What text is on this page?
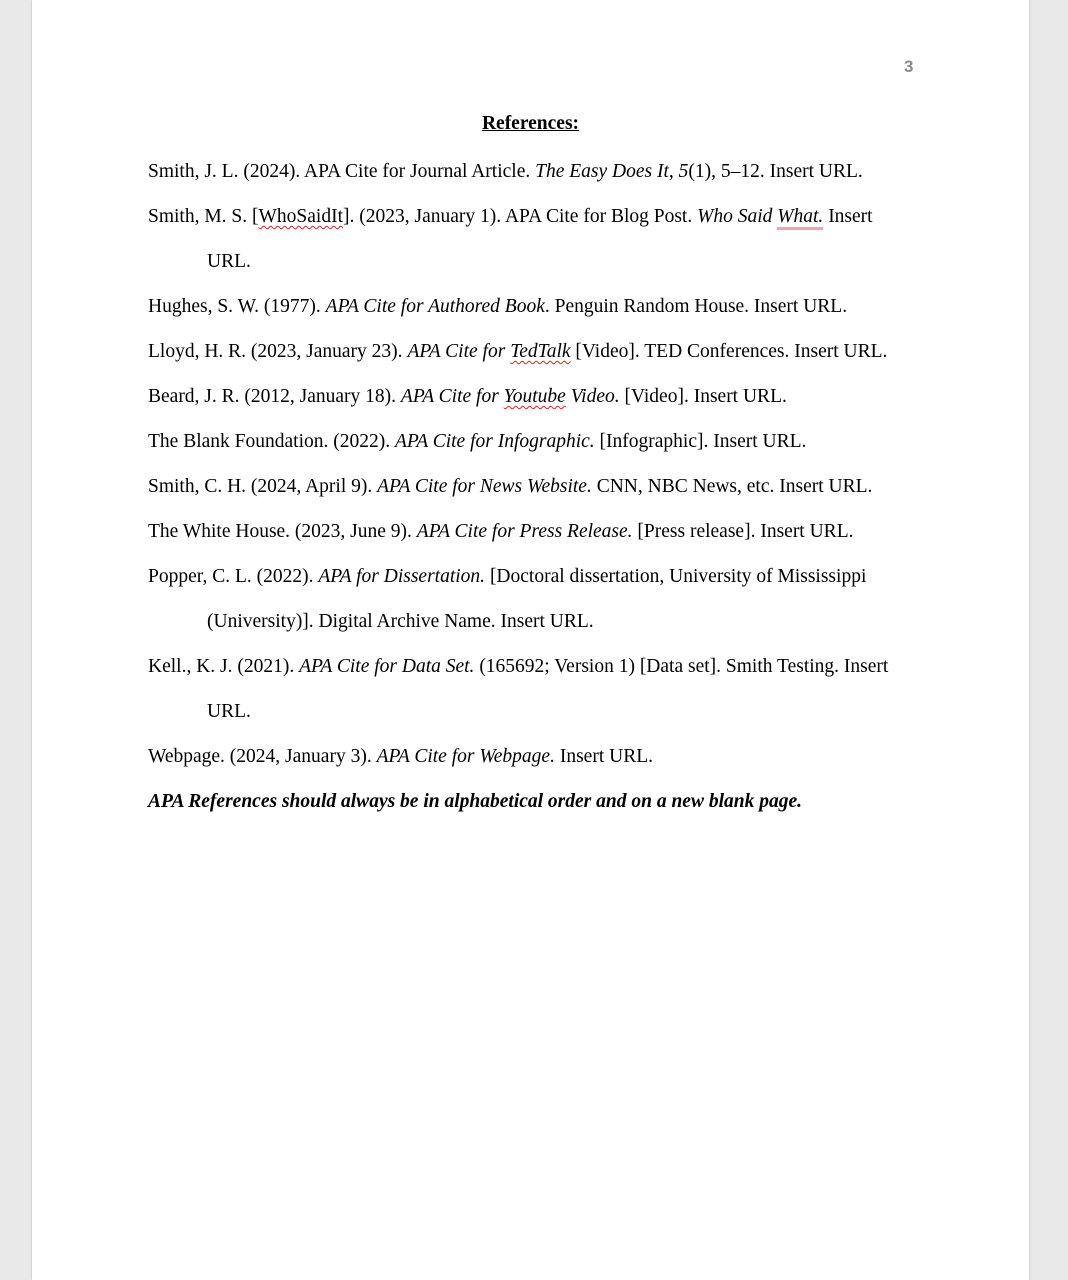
3
References:

Smith, J. L. (2024). APA Cite for Journal Article. The Easy Does It, 5(1), 5–12. Insert URL.

Smith, M. S. [WhoSaidIt]. (2023, January 1). APA Cite for Blog Post. Who Said What. Insert URL.

Hughes, S. W. (1977). APA Cite for Authored Book. Penguin Random House. Insert URL.

Lloyd, H. R. (2023, January 23). APA Cite for TedTalk [Video]. TED Conferences. Insert URL.

Beard, J. R. (2012, January 18). APA Cite for Youtube Video. [Video]. Insert URL.

The Blank Foundation. (2022). APA Cite for Infographic. [Infographic]. Insert URL.

Smith, C. H. (2024, April 9). APA Cite for News Website. CNN, NBC News, etc. Insert URL.

The White House. (2023, June 9). APA Cite for Press Release. [Press release]. Insert URL.

Popper, C. L. (2022). APA for Dissertation. [Doctoral dissertation, University of Mississippi (University)]. Digital Archive Name. Insert URL.

Kell., K. J. (2021). APA Cite for Data Set. (165692; Version 1) [Data set]. Smith Testing. Insert URL.

Webpage. (2024, January 3). APA Cite for Webpage. Insert URL.

APA References should always be in alphabetical order and on a new blank page.
